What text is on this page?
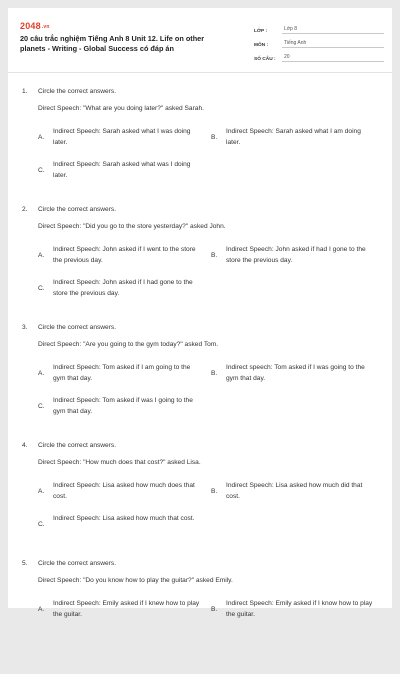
2048.vn
20 câu trắc nghiệm Tiếng Anh 8 Unit 12. Life on other planets - Writing - Global Success có đáp án
LỚP :	Lớp 8
MÔN :	Tiếng Anh
SỐ CÂU :	20
1. Circle the correct answers.
Direct Speech: "What are you doing later?" asked Sarah.
A.
Indirect Speech: Sarah asked what I was doing later.
B.
Indirect Speech: Sarah asked what I am doing later.
C.
Indirect Speech: Sarah asked what was I doing later.
2. Circle the correct answers.
Direct Speech: "Did you go to the store yesterday?" asked John.
A.
Indirect Speech: John asked if I went to the store the previous day.
B.
Indirect Speech: John asked if had I gone to the store the previous day.
C.
Indirect Speech: John asked if I had gone to the store the previous day.
3. Circle the correct answers.
Direct Speech: "Are you going to the gym today?" asked Tom.
A.
Indirect Speech: Tom asked if I am going to the gym that day.
B.
Indirect speech: Tom asked if I was going to the gym that day.
C.
Indirect Speech: Tom asked if was I going to the gym that day.
4. Circle the correct answers.
Direct Speech: "How much does that cost?" asked Lisa.
A.
Indirect Speech: Lisa asked how much does that cost.
B.
Indirect Speech: Lisa asked how much did that cost.
C.
Indirect Speech: Lisa asked how much that cost.
5. Circle the correct answers.
Direct Speech: "Do you know how to play the guitar?" asked Emily.
A.
Indirect Speech: Emily asked if I knew how to play the guitar.
B.
Indirect Speech: Emily asked if I know how to play the guitar.
